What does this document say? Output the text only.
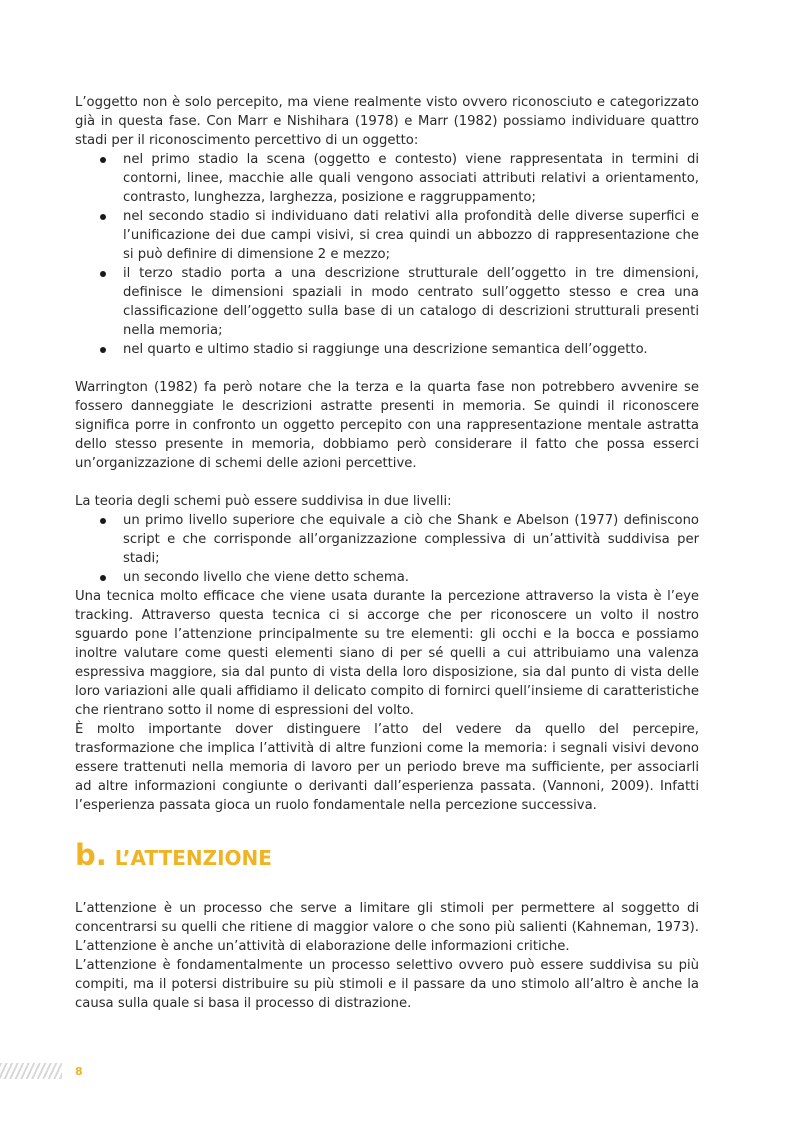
L’oggetto non è solo percepito, ma viene realmente visto ovvero riconosciuto e categorizzato già in questa fase. Con Marr e Nishihara (1978) e Marr (1982) possiamo individuare quattro stadi per il riconoscimento percettivo di un oggetto:

nel primo stadio la scena (oggetto e contesto) viene rappresentata in termini di contorni, linee, macchie alle quali vengono associati attributi relativi a orientamento, contrasto, lunghezza, larghezza, posizione e raggruppamento;
nel secondo stadio si individuano dati relativi alla profondità delle diverse superfici e l’unificazione dei due campi visivi, si crea quindi un abbozzo di rappresentazione che si può definire di dimensione 2 e mezzo;
il terzo stadio porta a una descrizione strutturale dell’oggetto in tre dimensioni, definisce le dimensioni spaziali in modo centrato sull’oggetto stesso e crea una classificazione dell’oggetto sulla base di un catalogo di descrizioni strutturali presenti nella memoria;
nel quarto e ultimo stadio si raggiunge una descrizione semantica dell’oggetto.

Warrington (1982) fa però notare che la terza e la quarta fase non potrebbero avvenire se fossero danneggiate le descrizioni astratte presenti in memoria. Se quindi il riconoscere significa porre in confronto un oggetto percepito con una rappresentazione mentale astratta dello stesso presente in memoria, dobbiamo però considerare il fatto che possa esserci un’organizzazione di schemi delle azioni percettive.

La teoria degli schemi può essere suddivisa in due livelli:

un primo livello superiore che equivale a ciò che Shank e Abelson (1977) definiscono script e che corrisponde all’organizzazione complessiva di un’attività suddivisa per stadi;
un secondo livello che viene detto schema.

Una tecnica molto efficace che viene usata durante la percezione attraverso la vista è l’eye tracking. Attraverso questa tecnica ci si accorge che per riconoscere un volto il nostro sguardo pone l’attenzione principalmente su tre elementi: gli occhi e la bocca e possiamo inoltre valutare come questi elementi siano di per sé quelli a cui attribuiamo una valenza espressiva maggiore, sia dal punto di vista della loro disposizione, sia dal punto di vista delle loro variazioni alle quali affidiamo il delicato compito di fornirci quell’insieme di caratteristiche che rientrano sotto il nome di espressioni del volto.

È molto importante dover distinguere l’atto del vedere da quello del percepire, trasformazione che implica l’attività di altre funzioni come la memoria: i segnali visivi devono essere trattenuti nella memoria di lavoro per un periodo breve ma sufficiente, per associarli ad altre informazioni congiunte o derivanti dall’esperienza passata. (Vannoni, 2009). Infatti l’esperienza passata gioca un ruolo fondamentale nella percezione successiva.

b. L’ATTENZIONE

L’attenzione è un processo che serve a limitare gli stimoli per permettere al soggetto di concentrarsi su quelli che ritiene di maggior valore o che sono più salienti (Kahneman, 1973). L’attenzione è anche un’attività di elaborazione delle informazioni critiche.

L’attenzione è fondamentalmente un processo selettivo ovvero può essere suddivisa su più compiti, ma il potersi distribuire su più stimoli e il passare da uno stimolo all’altro è anche la causa sulla quale si basa il processo di distrazione.

8
